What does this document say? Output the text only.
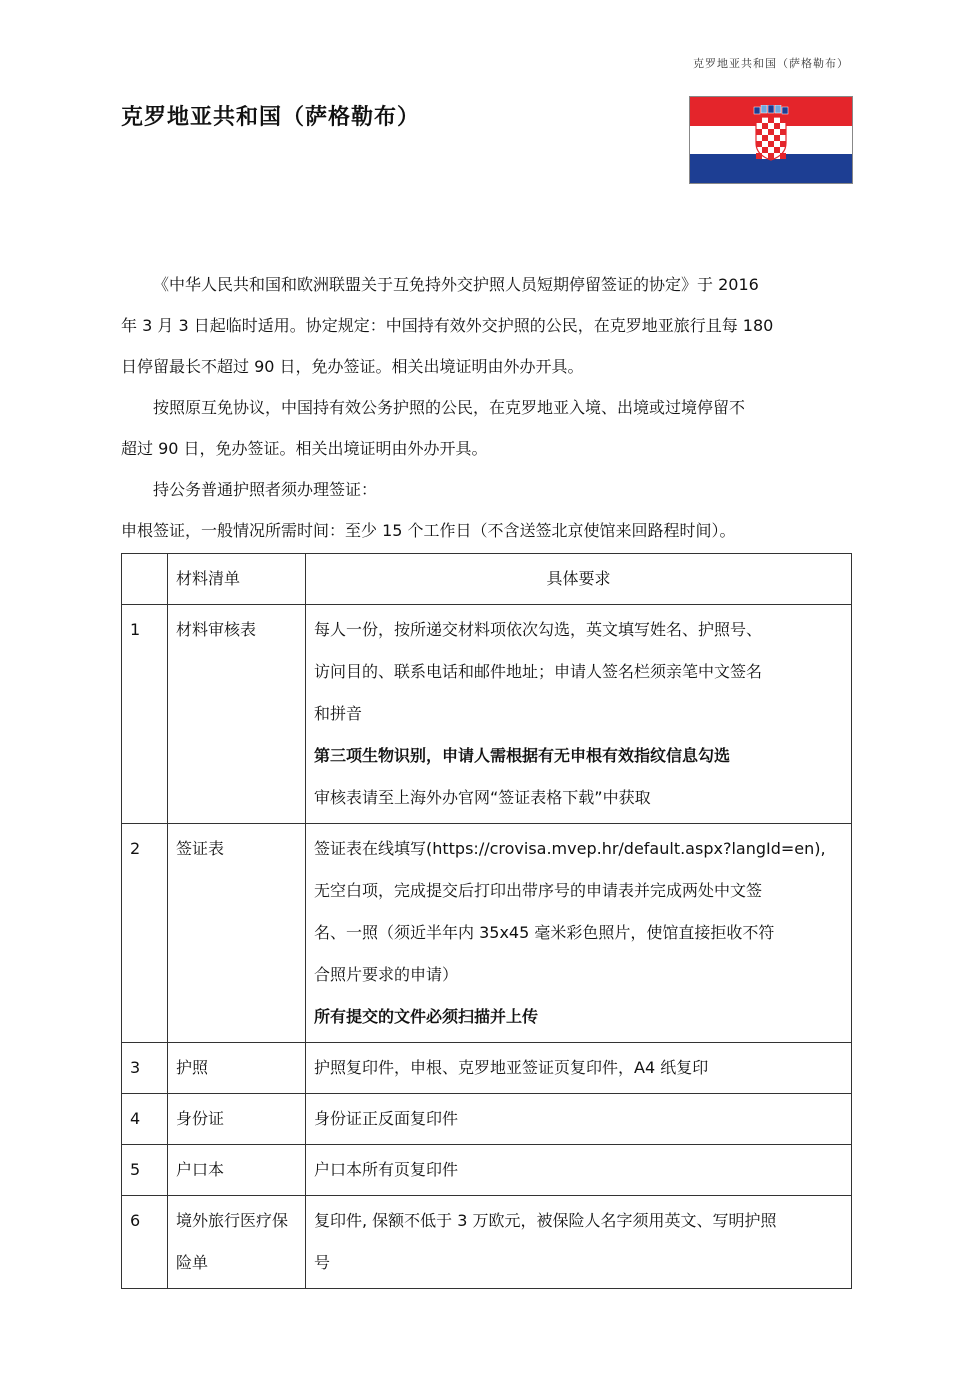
克罗地亚共和国（萨格勒布）
克罗地亚共和国（萨格勒布）

《中华人民共和国和欧洲联盟关于互免持外交护照人员短期停留签证的协定》于 2016
年 3 月 3 日起临时适用。协定规定：中国持有效外交护照的公民，在克罗地亚旅行且每 180
日停留最长不超过 90 日，免办签证。相关出境证明由外办开具。

按照原互免协议，中国持有效公务护照的公民，在克罗地亚入境、出境或过境停留不
超过 90 日，免办签证。相关出境证明由外办开具。

持公务普通护照者须办理签证：

申根签证，一般情况所需时间：至少 15 个工作日（不含送签北京使馆来回路程时间）。

	材料清单	具体要求
1	材料审核表	每人一份，按所递交材料项依次勾选，英文填写姓名、护照号、
访问目的、联系电话和邮件地址；申请人签名栏须亲笔中文签名
和拼音
第三项生物识别，申请人需根据有无申根有效指纹信息勾选
审核表请至上海外办官网“签证表格下载”中获取

2	签证表	签证表在线填写(https://crovisa.mvep.hr/default.aspx?langId=en),
无空白项，完成提交后打印出带序号的申请表并完成两处中文签
名、一照（须近半年内 35x45 毫米彩色照片，使馆直接拒收不符
合照片要求的申请）
所有提交的文件必须扫描并上传

3	护照	护照复印件，申根、克罗地亚签证页复印件，A4 纸复印

4	身份证	身份证正反面复印件

5	户口本	户口本所有页复印件

6	境外旅行医疗保险单	复印件, 保额不低于 3 万欧元，被保险人名字须用英文、写明护照
号
